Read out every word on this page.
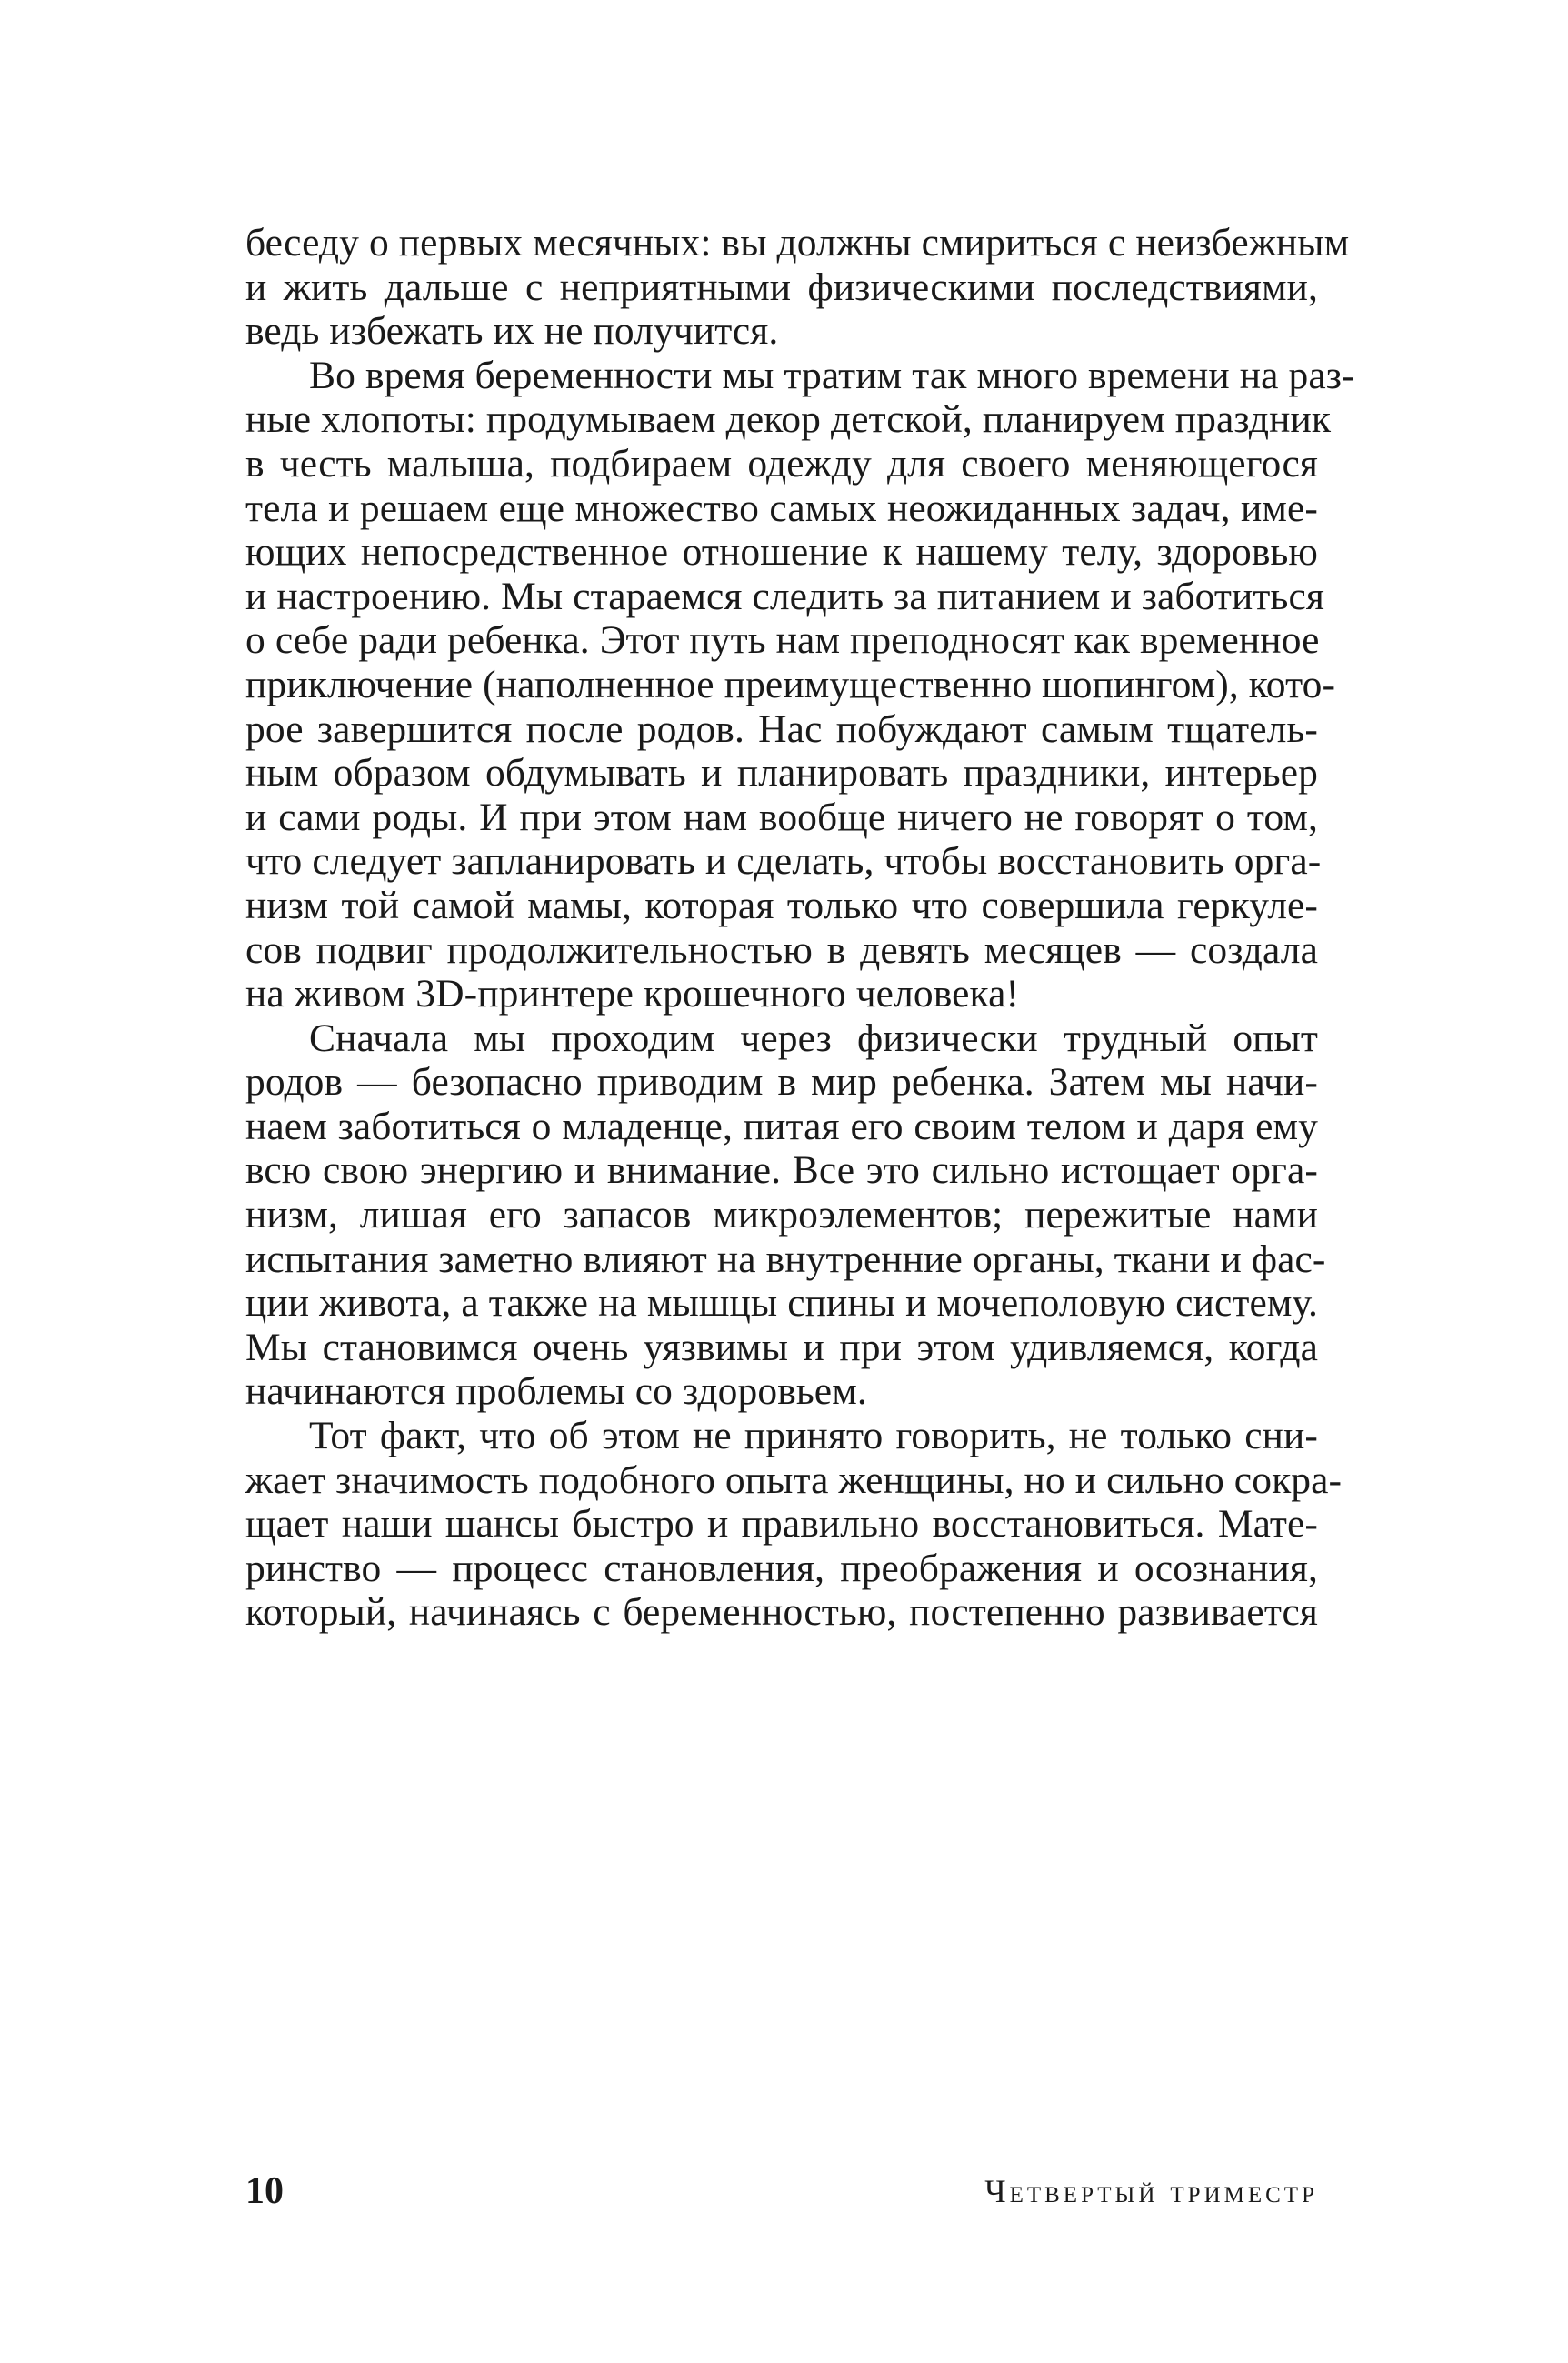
беседу о первых месячных: вы должны смириться с неизбежным
и жить дальше с неприятными физическими последствиями,
ведь избежать их не получится.
Во время беременности мы тратим так много времени на раз-
ные хлопоты: продумываем декор детской, планируем праздник
в честь малыша, подбираем одежду для своего меняющегося
тела и решаем еще множество самых неожиданных задач, име-
ющих непосредственное отношение к нашему телу, здоровью
и настроению. Мы стараемся следить за питанием и заботиться
о себе ради ребенка. Этот путь нам преподносят как временное
приключение (наполненное преимущественно шопингом), кото-
рое завершится после родов. Нас побуждают самым тщатель-
ным образом обдумывать и планировать праздники, интерьер
и сами роды. И при этом нам вообще ничего не говорят о том,
что следует запланировать и сделать, чтобы восстановить орга-
низм той самой мамы, которая только что совершила геркуле-
сов подвиг продолжительностью в девять месяцев — создала
на живом 3D-принтере крошечного человека!
Сначала мы проходим через физически трудный опыт
родов — безопасно приводим в мир ребенка. Затем мы начи-
наем заботиться о младенце, питая его своим телом и даря ему
всю свою энергию и внимание. Все это сильно истощает орга-
низм, лишая его запасов микроэлементов; пережитые нами
испытания заметно влияют на внутренние органы, ткани и фас-
ции живота, а также на мышцы спины и мочеполовую систему.
Мы становимся очень уязвимы и при этом удивляемся, когда
начинаются проблемы со здоровьем.
Тот факт, что об этом не принято говорить, не только сни-
жает значимость подобного опыта женщины, но и сильно сокра-
щает наши шансы быстро и правильно восстановиться. Мате-
ринство — процесс становления, преображения и осознания,
который, начинаясь с беременностью, постепенно развивается
10	Четвертый триместр
